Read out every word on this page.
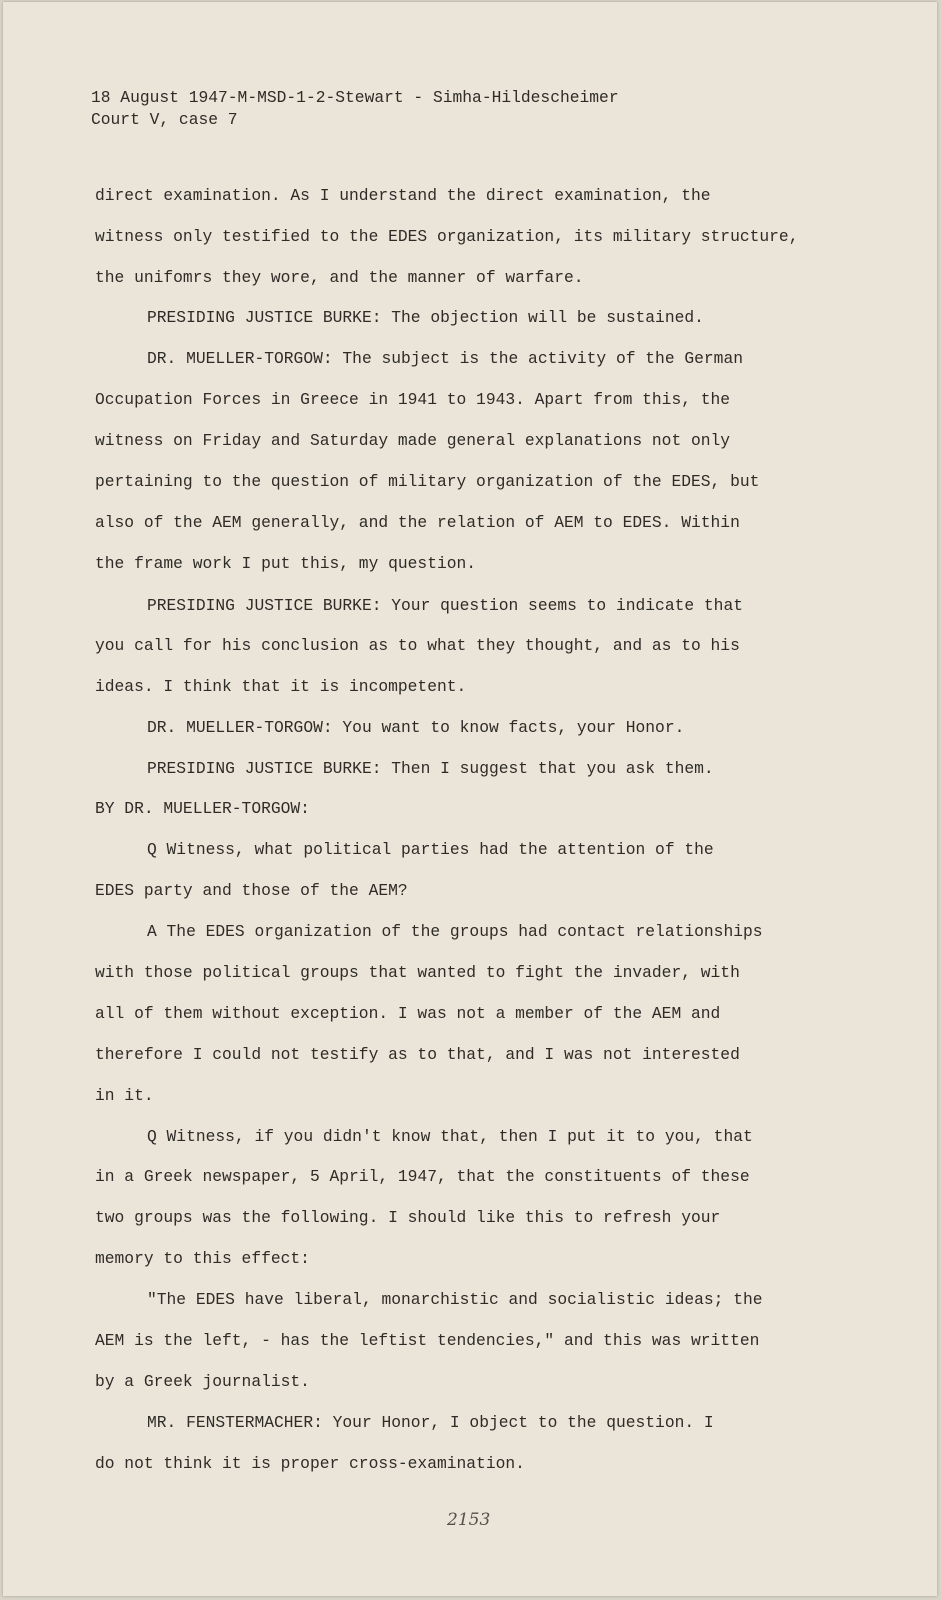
18 August 1947-M-MSD-1-2-Stewart - Simha-Hildescheimer
Court V, case 7
direct examination. As I understand the direct examination, the
witness only testified to the EDES organization, its military structure,
the unifomrs they wore, and the manner of warfare.
PRESIDING JUSTICE BURKE: The objection will be sustained.
DR. MUELLER-TORGOW: The subject is the activity of the German
Occupation Forces in Greece in 1941 to 1943. Apart from this, the
witness on Friday and Saturday made general explanations not only
pertaining to the question of military organization of the EDES, but
also of the AEM generally, and the relation of AEM to EDES. Within
the frame work I put this, my question.
PRESIDING JUSTICE BURKE: Your question seems to indicate that
you call for his conclusion as to what they thought, and as to his
ideas. I think that it is incompetent.
DR. MUELLER-TORGOW: You want to know facts, your Honor.
PRESIDING JUSTICE BURKE: Then I suggest that you ask them.
BY DR. MUELLER-TORGOW:
Q Witness, what political parties had the attention of the
EDES party and those of the AEM?
A The EDES organization of the groups had contact relationships
with those political groups that wanted to fight the invader, with
all of them without exception. I was not a member of the AEM and
therefore I could not testify as to that, and I was not interested
in it.
Q Witness, if you didn't know that, then I put it to you, that
in a Greek newspaper, 5 April, 1947, that the constituents of these
two groups was the following. I should like this to refresh your
memory to this effect:
"The EDES have liberal, monarchistic and socialistic ideas; the
AEM is the left, - has the leftist tendencies," and this was written
by a Greek journalist.
MR. FENSTERMACHER: Your Honor, I object to the question. I
do not think it is proper cross-examination.
2153
